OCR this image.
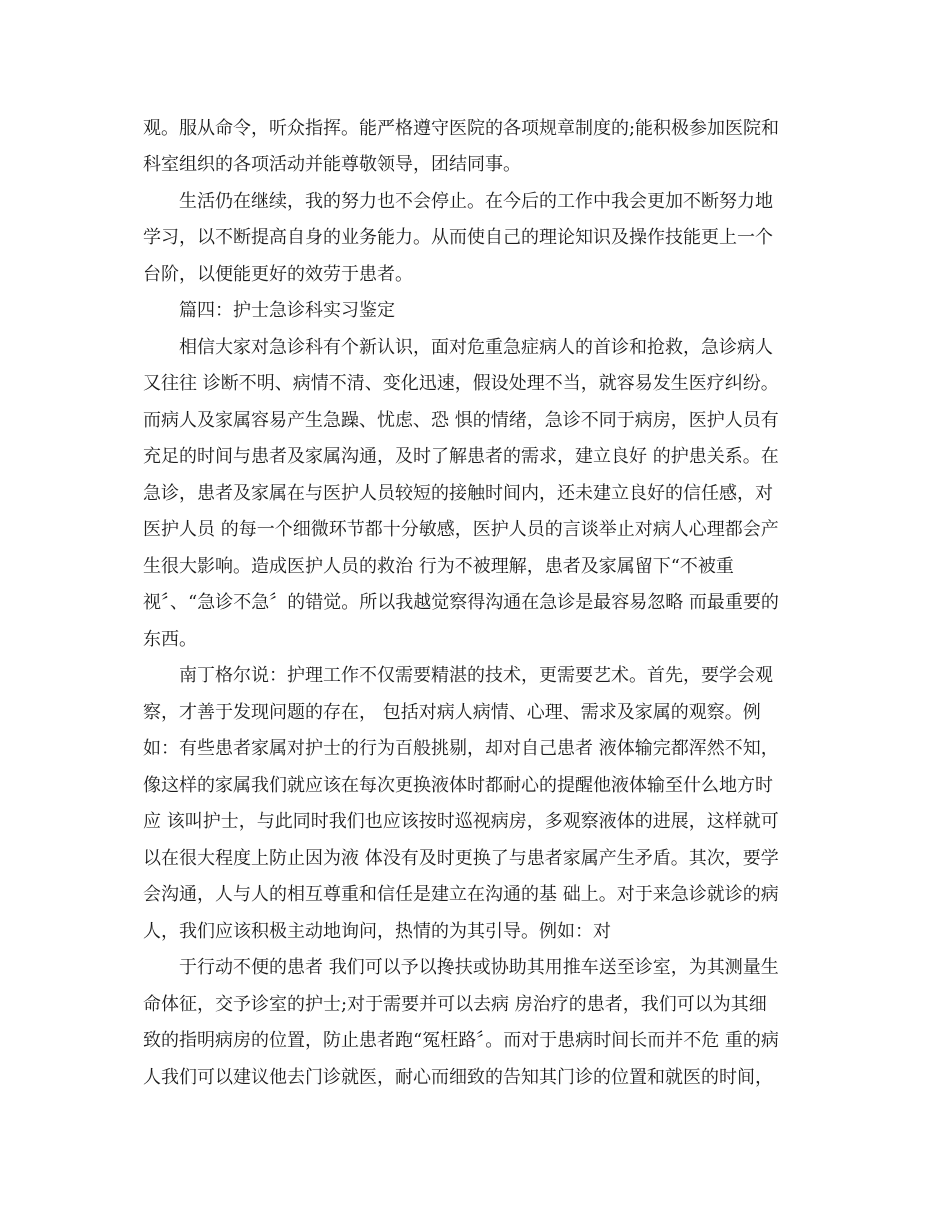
观。服从命令，听众指挥。能严格遵守医院的各项规章制度的;能积极参加医院和

科室组织的各项活动并能尊敬领导，团结同事。

生活仍在继续，我的努力也不会停止。在今后的工作中我会更加不断努力地

学习，以不断提高自身的业务能力。从而使自己的理论知识及操作技能更上一个

台阶，以便能更好的效劳于患者。

篇四：护士急诊科实习鉴定

相信大家对急诊科有个新认识，面对危重急症病人的首诊和抢救，急诊病人

又往往 诊断不明、病情不清、变化迅速，假设处理不当，就容易发生医疗纠纷。

而病人及家属容易产生急躁、忧虑、恐 惧的情绪，急诊不同于病房，医护人员有

充足的时间与患者及家属沟通，及时了解患者的需求，建立良好 的护患关系。在

急诊，患者及家属在与医护人员较短的接触时间内，还未建立良好的信任感，对

医护人员 的每一个细微环节都十分敏感，医护人员的言谈举止对病人心理都会产

生很大影响。造成医护人员的救治 行为不被理解，患者及家属留下“不被重

视〞、“急诊不急〞的错觉。所以我越觉察得沟通在急诊是最容易忽略 而最重要的

东西。

南丁格尔说：护理工作不仅需要精湛的技术，更需要艺术。首先，要学会观

察，才善于发现问题的存在， 包括对病人病情、心理、需求及家属的观察。例

如：有些患者家属对护士的行为百般挑剔，却对自己患者 液体输完都浑然不知，

像这样的家属我们就应该在每次更换液体时都耐心的提醒他液体输至什么地方时

应 该叫护士，与此同时我们也应该按时巡视病房，多观察液体的进展，这样就可

以在很大程度上防止因为液 体没有及时更换了与患者家属产生矛盾。其次，要学

会沟通，人与人的相互尊重和信任是建立在沟通的基 础上。对于来急诊就诊的病

人，我们应该积极主动地询问，热情的为其引导。例如：对

于行动不便的患者 我们可以予以搀扶或协助其用推车送至诊室，为其测量生

命体征，交予诊室的护士;对于需要并可以去病 房治疗的患者，我们可以为其细

致的指明病房的位置，防止患者跑“冤枉路〞。而对于患病时间长而并不危 重的病

人我们可以建议他去门诊就医，耐心而细致的告知其门诊的位置和就医的时间，
